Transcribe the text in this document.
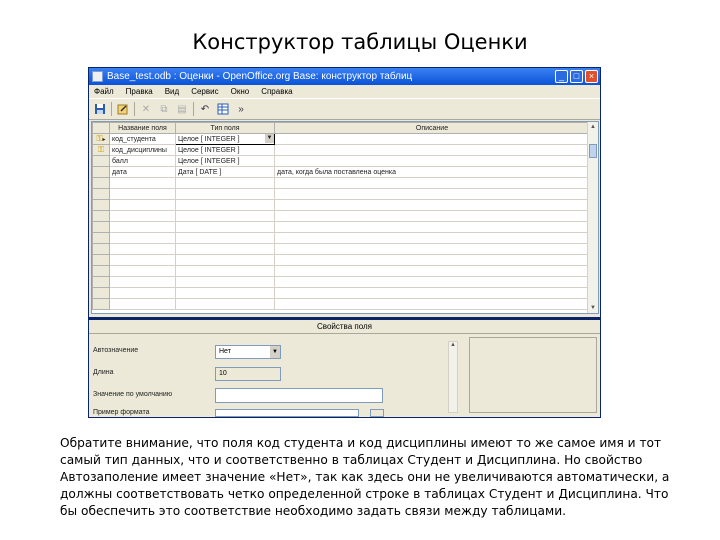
Конструктор таблицы Оценки
Base_test.odb : Оценки - OpenOffice.org Base: конструктор таблиц	_	□	×
Файл Правка Вид Сервис Окно Справка
✕	⧉ ▤ ↶	»
	Название поля	Тип поля	Описание
⚿▸	код_студента	Целое [ INTEGER ] ▼	

⚿	код_дисциплины	Целое [ INTEGER ]	
	балл	Целое [ INTEGER ]	
	дата	Дата [ DATE ]	дата, когда была поставлена оценка

▲
▼
Свойства поля
Автозначение	Нет	▼
Длина	10
Значение по умолчанию
Пример формата
▲
Обратите внимание, что поля код студента и код дисциплины имеют то же самое имя и тот самый тип данных, что и соответственно в таблицах Студент и Дисциплина. Но свойство Автозаполение имеет значение «Нет», так как здесь они не увеличиваются автоматически, а должны соответствовать четко определенной строке в таблицах Студент и Дисциплина. Что бы обеспечить это соответствие необходимо задать связи между таблицами.
